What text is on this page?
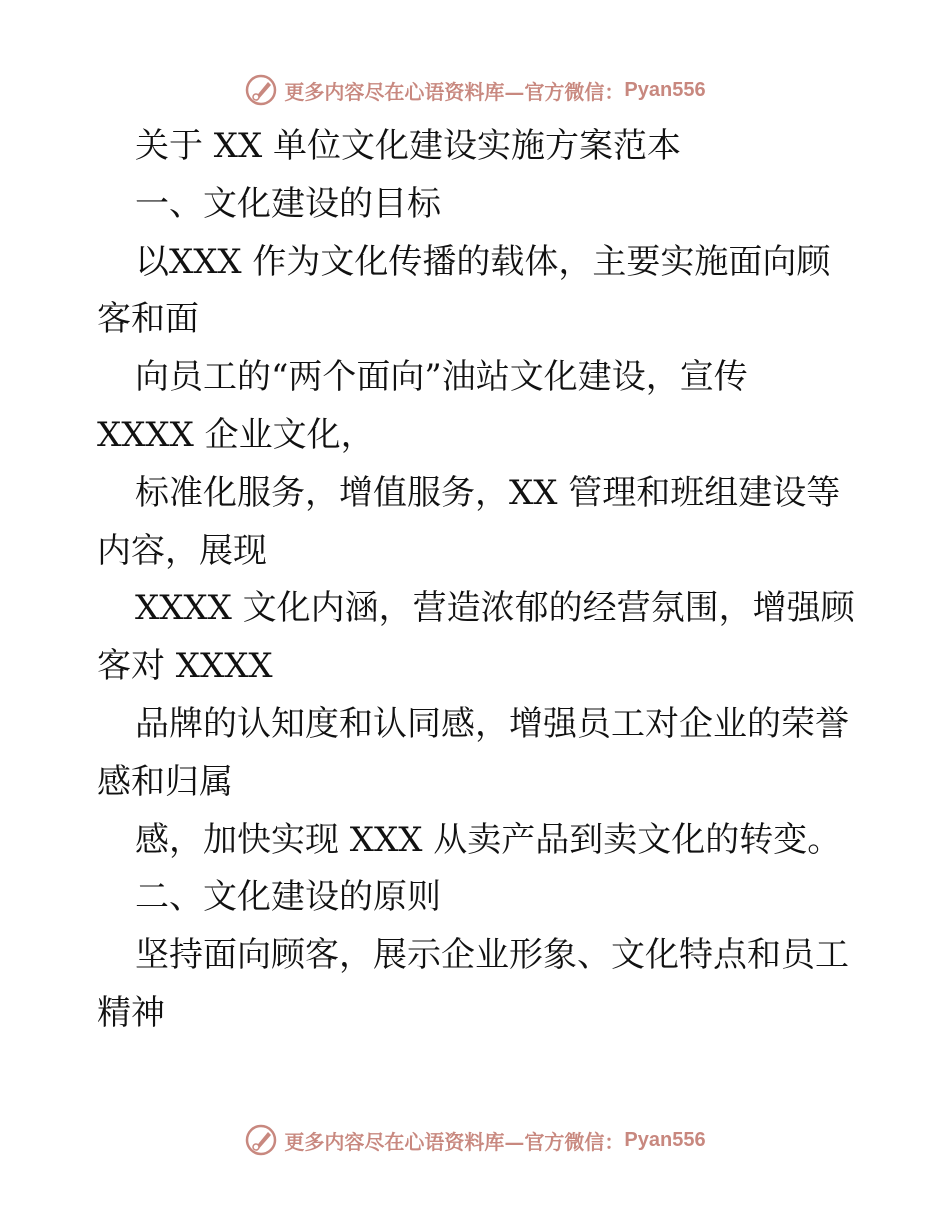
更多内容尽在心语资料库—官方微信： Pyan556
关于 XX 单位文化建设实施方案范本
一、文化建设的目标
以XXX 作为文化传播的载体，主要实施面向顾
客和面
向员工的“两个面向”油站文化建设，宣传
XXXX 企业文化，
标准化服务，增值服务，XX 管理和班组建设等
内容，展现
XXXX 文化内涵，营造浓郁的经营氛围，增强顾
客对 XXXX
品牌的认知度和认同感，增强员工对企业的荣誉
感和归属
感，加快实现 XXX 从卖产品到卖文化的转变。
二、文化建设的原则
坚持面向顾客，展示企业形象、文化特点和员工
精神
更多内容尽在心语资料库—官方微信： Pyan556
